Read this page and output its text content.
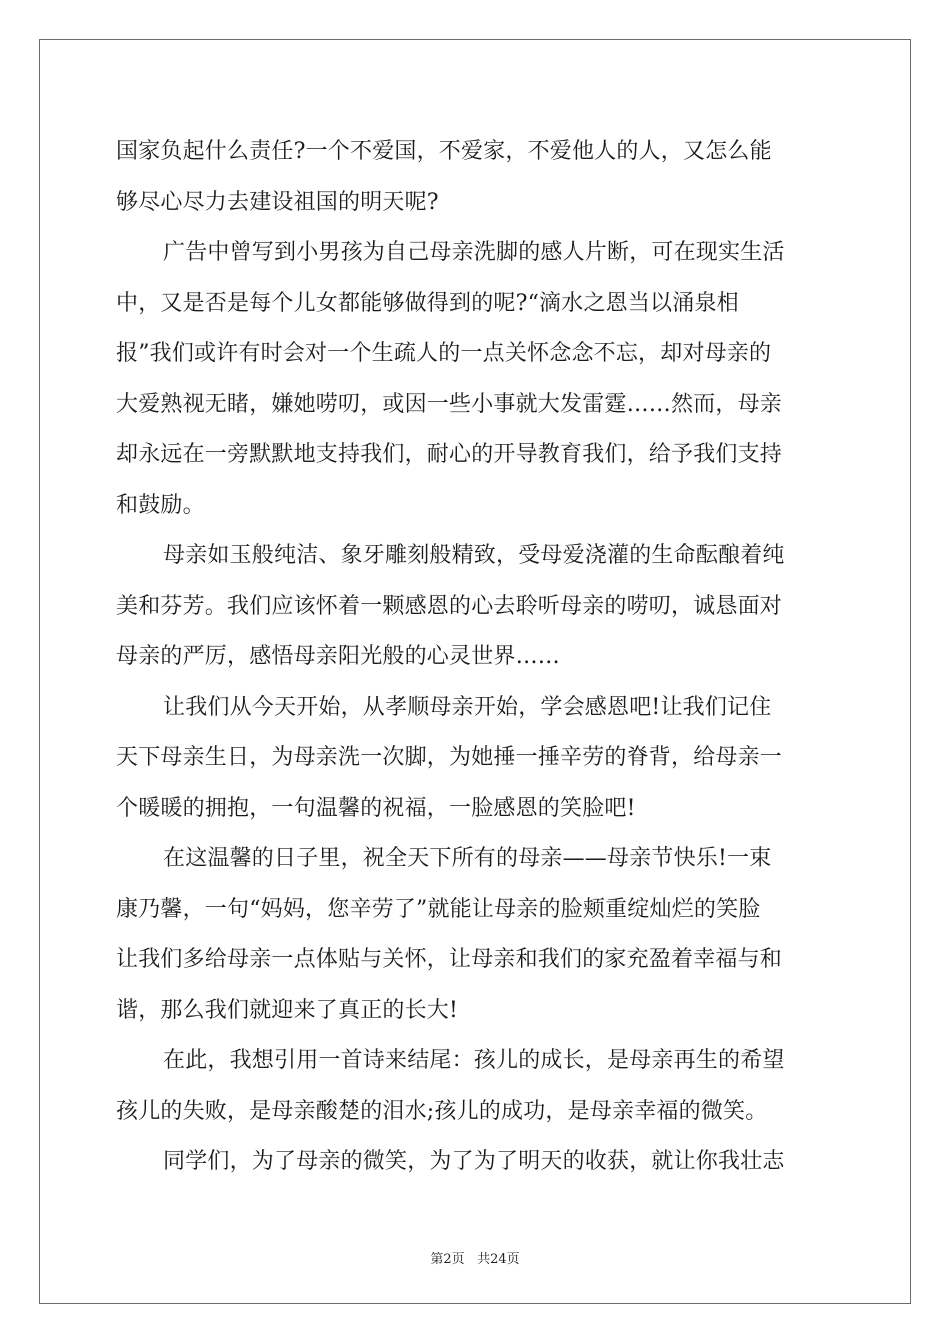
国家负起什么责任?一个不爱国，不爱家，不爱他人的人，又怎么能
够尽心尽力去建设祖国的明天呢?
广告中曾写到小男孩为自己母亲洗脚的感人片断，可在现实生活
中，又是否是每个儿女都能够做得到的呢?“滴水之恩当以涌泉相
报”我们或许有时会对一个生疏人的一点关怀念念不忘，却对母亲的
大爱熟视无睹，嫌她唠叨，或因一些小事就大发雷霆……然而，母亲
却永远在一旁默默地支持我们，耐心的开导教育我们，给予我们支持
和鼓励。
母亲如玉般纯洁、象牙雕刻般精致，受母爱浇灌的生命酝酿着纯
美和芬芳。我们应该怀着一颗感恩的心去聆听母亲的唠叨，诚恳面对
母亲的严厉，感悟母亲阳光般的心灵世界……
让我们从今天开始，从孝顺母亲开始，学会感恩吧!让我们记住
天下母亲生日，为母亲洗一次脚，为她捶一捶辛劳的脊背，给母亲一
个暖暖的拥抱，一句温馨的祝福，一脸感恩的笑脸吧!
在这温馨的日子里，祝全天下所有的母亲——母亲节快乐!一束
康乃馨，一句“妈妈，您辛劳了”就能让母亲的脸颊重绽灿烂的笑脸
让我们多给母亲一点体贴与关怀，让母亲和我们的家充盈着幸福与和
谐，那么我们就迎来了真正的长大!
在此，我想引用一首诗来结尾：孩儿的成长，是母亲再生的希望
孩儿的失败，是母亲酸楚的泪水;孩儿的成功，是母亲幸福的微笑。
同学们，为了母亲的微笑，为了为了明天的收获，就让你我壮志
第2页 共24页
